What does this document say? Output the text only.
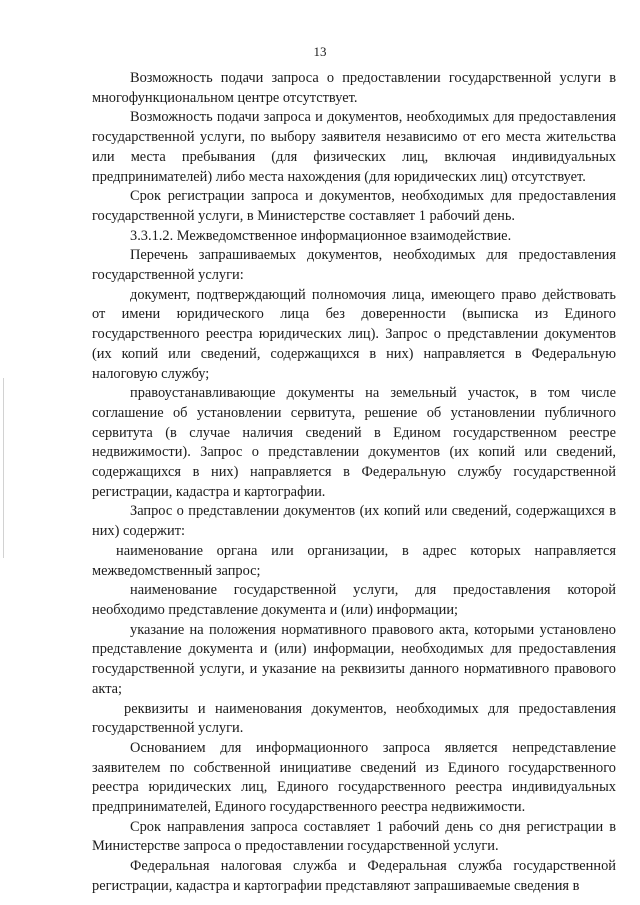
13

Возможность подачи запроса о предоставлении государственной услуги в многофункциональном центре отсутствует.

Возможность подачи запроса и документов, необходимых для предоставления государственной услуги, по выбору заявителя независимо от его места жительства или места пребывания (для физических лиц, включая индивидуальных предпринимателей) либо места нахождения (для юридических лиц) отсутствует.

Срок регистрации запроса и документов, необходимых для предоставления государственной услуги, в Министерстве составляет 1 рабочий день.

3.3.1.2. Межведомственное информационное взаимодействие.

Перечень запрашиваемых документов, необходимых для предоставления государственной услуги:

документ, подтверждающий полномочия лица, имеющего право действовать от имени юридического лица без доверенности (выписка из Единого государственного реестра юридических лиц). Запрос о представлении документов (их копий или сведений, содержащихся в них) направляется в Федеральную налоговую службу;

правоустанавливающие документы на земельный участок, в том числе соглашение об установлении сервитута, решение об установлении публичного сервитута (в случае наличия сведений в Едином государственном реестре недвижимости). Запрос о представлении документов (их копий или сведений, содержащихся в них) направляется в Федеральную службу государственной регистрации, кадастра и картографии.

Запрос о представлении документов (их копий или сведений, содержащихся в них) содержит:

наименование органа или организации, в адрес которых направляется межведомственный запрос;

наименование государственной услуги, для предоставления которой необходимо представление документа и (или) информации;

указание на положения нормативного правового акта, которыми установлено представление документа и (или) информации, необходимых для предоставления государственной услуги, и указание на реквизиты данного нормативного правового акта;

реквизиты и наименования документов, необходимых для предоставления государственной услуги.

Основанием для информационного запроса является непредставление заявителем по собственной инициативе сведений из Единого государственного реестра юридических лиц, Единого государственного реестра индивидуальных предпринимателей, Единого государственного реестра недвижимости.

Срок направления запроса составляет 1 рабочий день со дня регистрации в Министерстве запроса о предоставлении государственной услуги.

Федеральная налоговая служба и Федеральная служба государственной регистрации, кадастра и картографии представляют запрашиваемые сведения в
